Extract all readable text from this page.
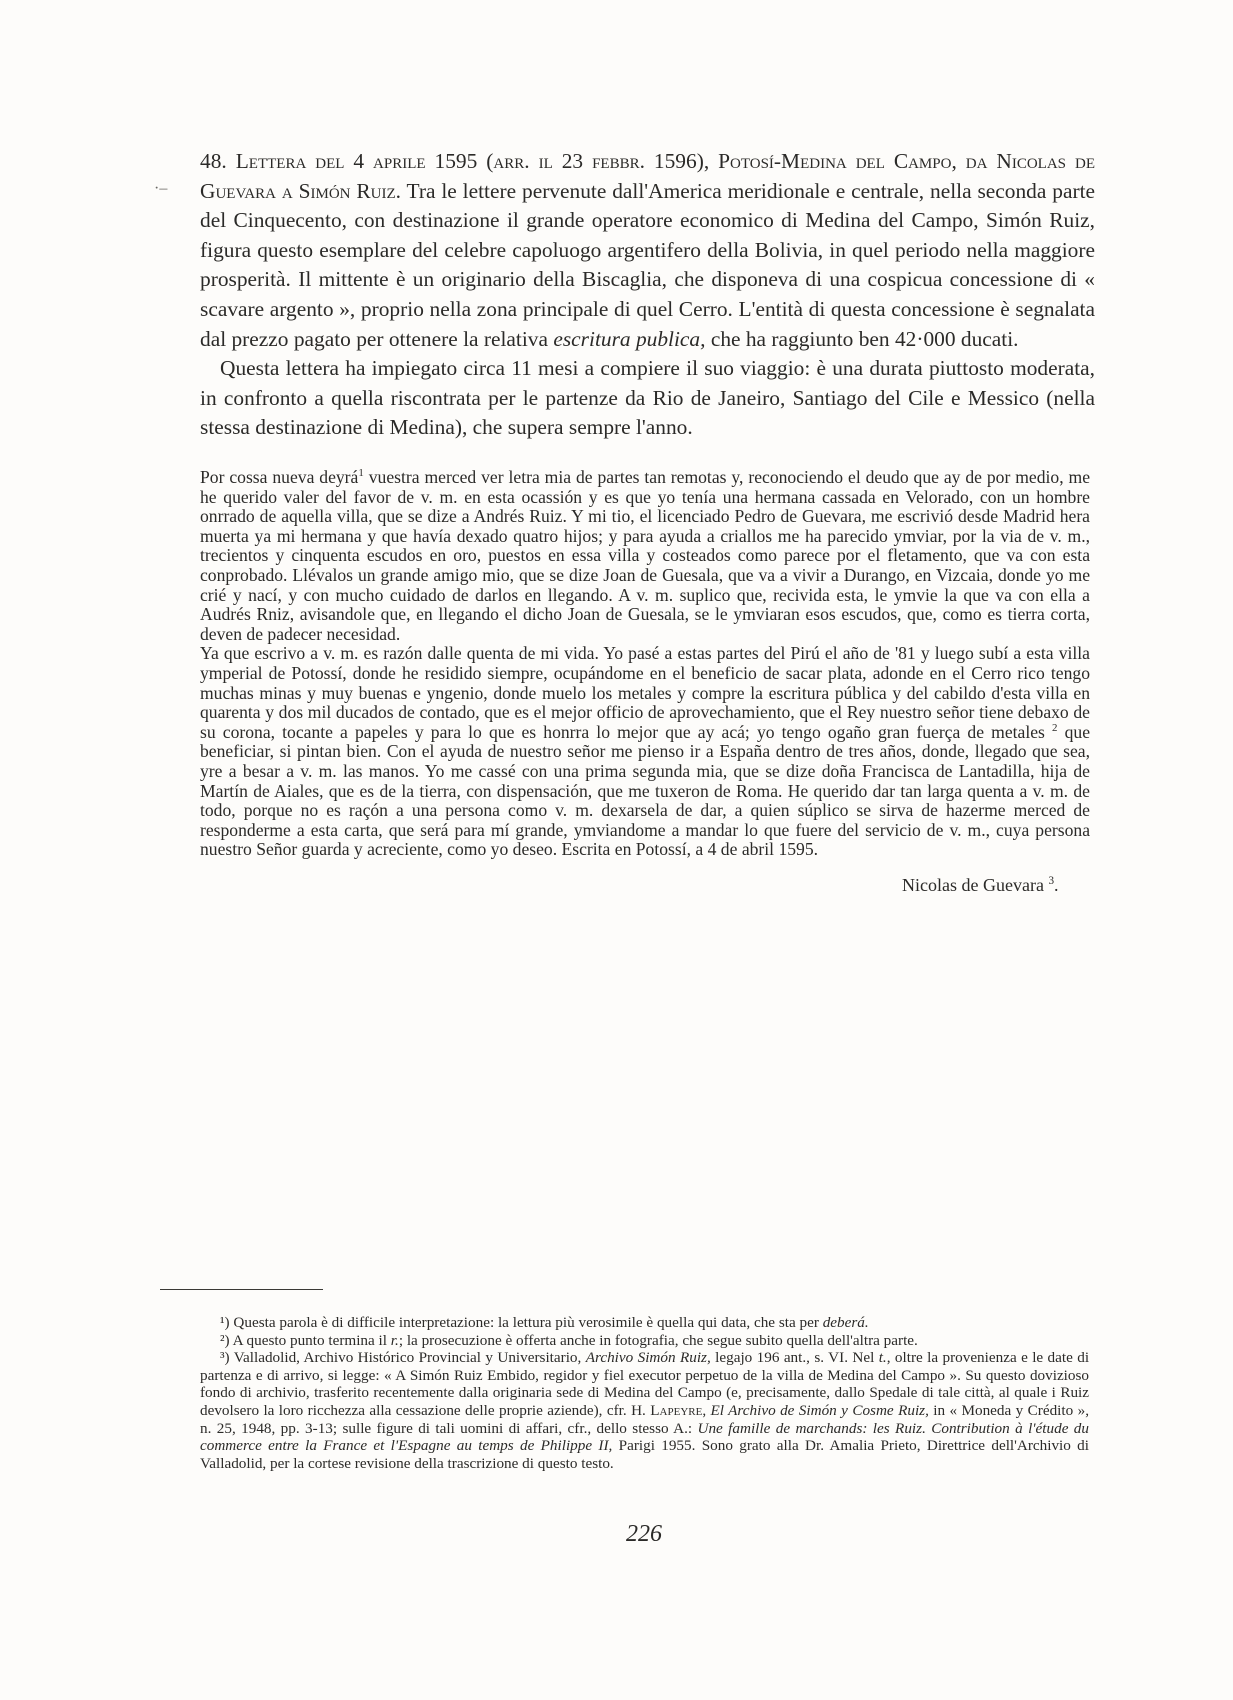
·–

48. Lettera del 4 aprile 1595 (arr. il 23 febbr. 1596), Potosí-Medina del Campo, da Nicolas de Guevara a Simón Ruiz. Tra le lettere pervenute dall'America meridionale e centrale, nella seconda parte del Cinquecento, con destinazione il grande operatore economico di Medina del Campo, Simón Ruiz, figura questo esemplare del celebre capoluogo argentifero della Bolivia, in quel periodo nella maggiore prosperità. Il mittente è un originario della Biscaglia, che disponeva di una cospicua concessione di « scavare argento », proprio nella zona principale di quel Cerro. L'entità di questa concessione è segnalata dal prezzo pagato per ottenere la relativa escritura publica, che ha raggiunto ben 42·000 ducati.

Questa lettera ha impiegato circa 11 mesi a compiere il suo viaggio: è una durata piuttosto moderata, in confronto a quella riscontrata per le partenze da Rio de Janeiro, Santiago del Cile e Messico (nella stessa destinazione di Medina), che supera sempre l'anno.

Por cossa nueva deyrá$^1$ vuestra merced ver letra mia de partes tan remotas y, reconociendo el deudo que ay de por medio, me he querido valer del favor de v. m. en esta ocassión y es que yo tenía una hermana cassada en Velorado, con un hombre onrrado de aquella villa, que se dize a Andrés Ruiz. Y mi tio, el licenciado Pedro de Guevara, me escrivió desde Madrid hera muerta ya mi hermana y que havía dexado quatro hijos; y para ayuda a criallos me ha parecido ymviar, por la via de v. m., trecientos y cinquenta escudos en oro, puestos en essa villa y costeados como parece por el fletamento, que va con esta conprobado. Llévalos un grande amigo mio, que se dize Joan de Guesala, que va a vivir a Durango, en Vizcaia, donde yo me crié y nací, y con mucho cuidado de darlos en llegando. A v. m. suplico que, recivida esta, le ymvie la que va con ella a Audrés Rniz, avisandole que, en llegando el dicho Joan de Guesala, se le ymviaran esos escudos, que, como es tierra corta, deven de padecer necesidad.

Ya que escrivo a v. m. es razón dalle quenta de mi vida. Yo pasé a estas partes del Pirú el año de '81 y luego subí a esta villa ymperial de Potossí, donde he residido siempre, ocupándome en el beneficio de sacar plata, adonde en el Cerro rico tengo muchas minas y muy buenas e yngenio, donde muelo los metales y compre la escritura pública y del cabildo d'esta villa en quarenta y dos mil ducados de contado, que es el mejor officio de aprovechamiento, que el Rey nuestro señor tiene debaxo de su corona, tocante a papeles y para lo que es honrra lo mejor que ay acá; yo tengo ogaño gran fuerça de metales $^2$ que beneficiar, si pintan bien. Con el ayuda de nuestro señor me pienso ir a España dentro de tres años, donde, llegado que sea, yre a besar a v. m. las manos. Yo me cassé con una prima segunda mia, que se dize doña Francisca de Lantadilla, hija de Martín de Aiales, que es de la tierra, con dispensación, que me tuxeron de Roma. He querido dar tan larga quenta a v. m. de todo, porque no es raçón a una persona como v. m. dexarsela de dar, a quien súplico se sirva de hazerme merced de responderme a esta carta, que será para mí grande, ymviandome a mandar lo que fuere del servicio de v. m., cuya persona nuestro Señor guarda y acreciente, como yo deseo. Escrita en Potossí, a 4 de abril 1595.

Nicolas de Guevara $^3$.

¹) Questa parola è di difficile interpretazione: la lettura più verosimile è quella qui data, che sta per deberá.

²) A questo punto termina il r.; la prosecuzione è offerta anche in fotografia, che segue subito quella dell'altra parte.

³) Valladolid, Archivo Histórico Provincial y Universitario, Archivo Simón Ruiz, legajo 196 ant., s. VI. Nel t., oltre la provenienza e le date di partenza e di arrivo, si legge: « A Simón Ruiz Embido, regidor y fiel executor perpetuo de la villa de Medina del Campo ». Su questo dovizioso fondo di archivio, trasferito recentemente dalla originaria sede di Medina del Campo (e, precisamente, dallo Spedale di tale città, al quale i Ruiz devolsero la loro ricchezza alla cessazione delle proprie aziende), cfr. H. Lapeyre, El Archivo de Simón y Cosme Ruiz, in « Moneda y Crédito », n. 25, 1948, pp. 3-13; sulle figure di tali uomini di affari, cfr., dello stesso A.: Une famille de marchands: les Ruiz. Contribution à l'étude du commerce entre la France et l'Espagne au temps de Philippe II, Parigi 1955. Sono grato alla Dr. Amalia Prieto, Direttrice dell'Archivio di Valladolid, per la cortese revisione della trascrizione di questo testo.

226
